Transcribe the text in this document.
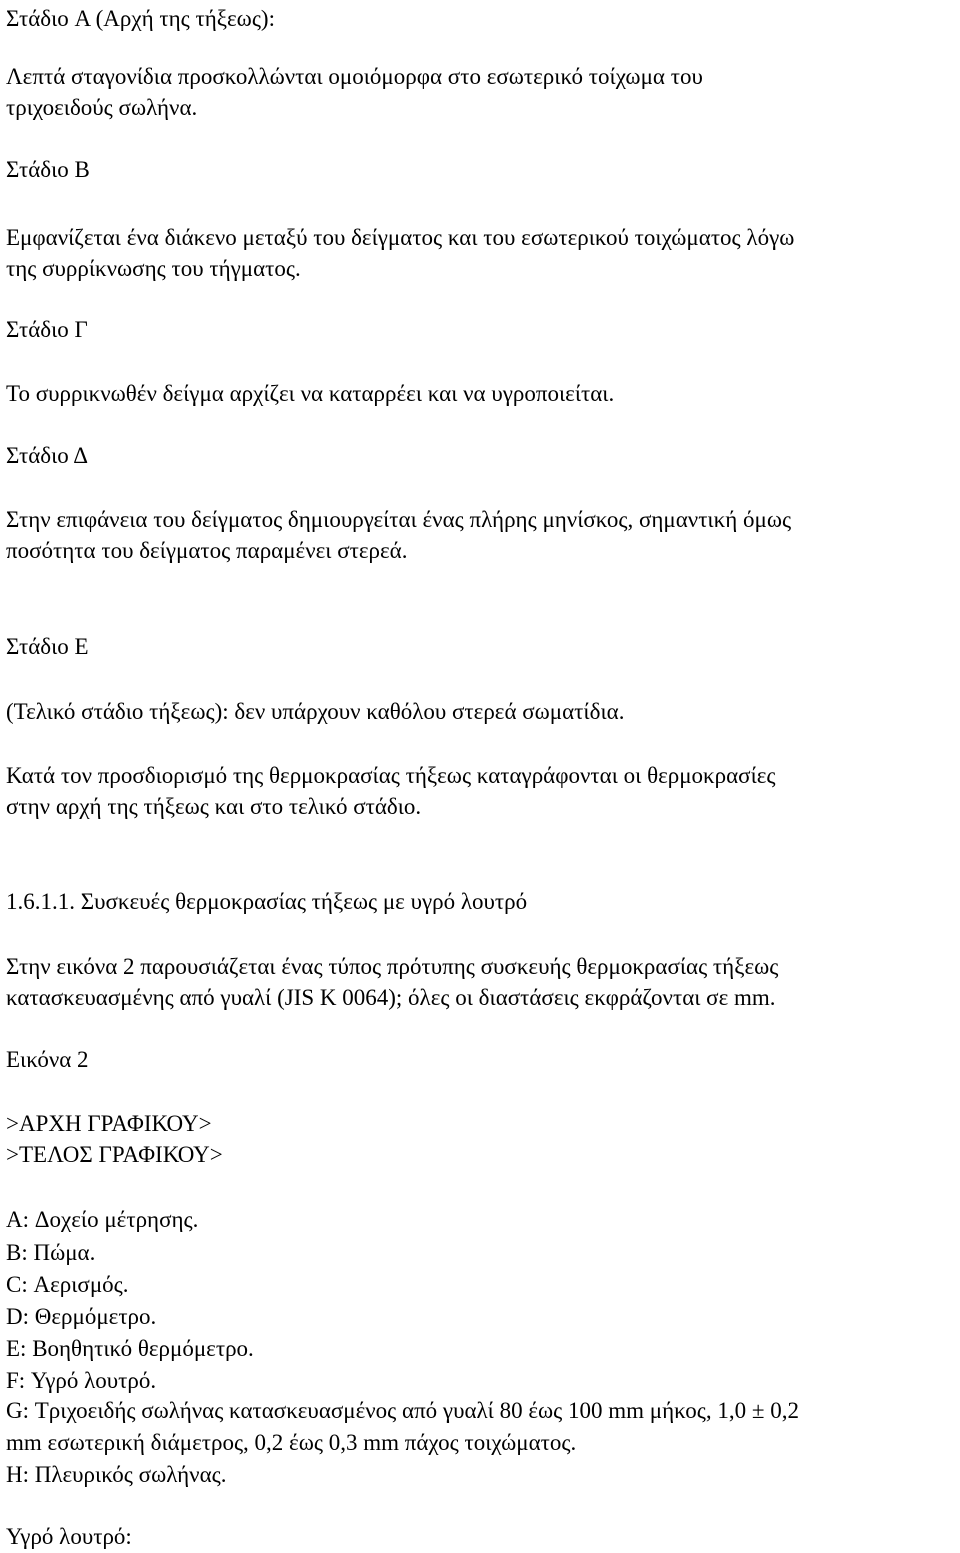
Στάδιο A (Αρχή της τήξεως):

Λεπτά σταγονίδια προσκολλώνται ομοιόμορφα στο εσωτερικό τοίχωμα του

τριχοειδούς σωλήνα.

Στάδιο B

Εμφανίζεται ένα διάκενο μεταξύ του δείγματος και του εσωτερικού τοιχώματος λόγω

της συρρίκνωσης του τήγματος.

Στάδιο Γ

Το συρρικνωθέν δείγμα αρχίζει να καταρρέει και να υγροποιείται.

Στάδιο Δ

Στην επιφάνεια του δείγματος δημιουργείται ένας πλήρης μηνίσκος, σημαντική όμως

ποσότητα του δείγματος παραμένει στερεά.

Στάδιο E

(Τελικό στάδιο τήξεως): δεν υπάρχουν καθόλου στερεά σωματίδια.

Κατά τον προσδιορισμό της θερμοκρασίας τήξεως καταγράφονται οι θερμοκρασίες

στην αρχή της τήξεως και στο τελικό στάδιο.

1.6.1.1. Συσκευές θερμοκρασίας τήξεως με υγρό λουτρό

Στην εικόνα 2 παρουσιάζεται ένας τύπος πρότυπης συσκευής θερμοκρασίας τήξεως

κατασκευασμένης από γυαλί (JIS K 0064); όλες οι διαστάσεις εκφράζονται σε mm.

Εικόνα 2

>ΑΡΧΗ ΓΡΑΦΙΚΟΥ>

>ΤΕΛΟΣ ΓΡΑΦΙΚΟΥ>

A: Δοχείο μέτρησης.

B: Πώμα.

C: Αερισμός.

D: Θερμόμετρο.

E: Βοηθητικό θερμόμετρο.

F: Υγρό λουτρό.

G: Τριχοειδής σωλήνας κατασκευασμένος από γυαλί 80 έως 100 mm μήκος, 1,0 ± 0,2

mm εσωτερική διάμετρος, 0,2 έως 0,3 mm πάχος τοιχώματος.

H: Πλευρικός σωλήνας.

Υγρό λουτρό:
